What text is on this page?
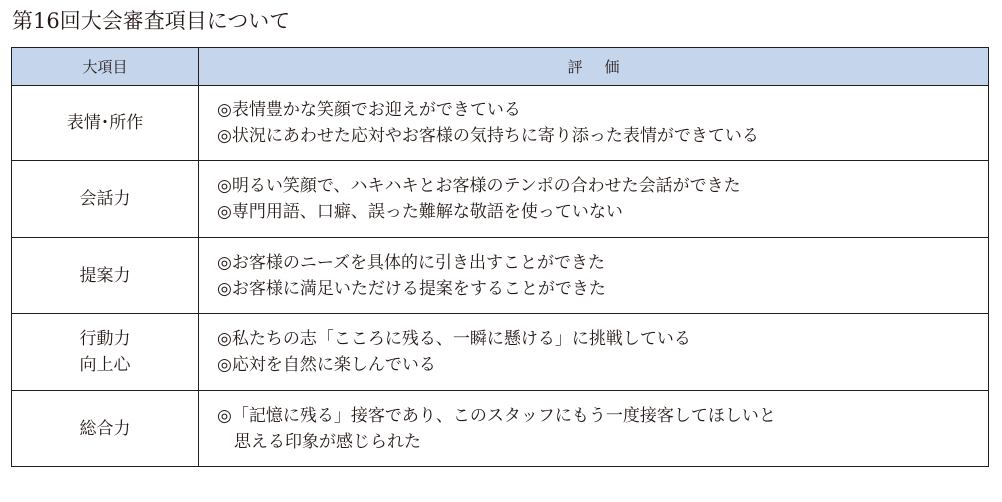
第16回大会審査項目について
大項目	評価

表情･所作	◎表情豊かな笑顔でお迎えができている
◎状況にあわせた応対やお客様の気持ちに寄り添った表情ができている

会話力	◎明るい笑顔で、ハキハキとお客様のテンポの合わせた会話ができた
◎専門用語、口癖、誤った難解な敬語を使っていない

提案力	◎お客様のニーズを具体的に引き出すことができた
◎お客様に満足いただける提案をすることができた

行動力
向上心	◎私たちの志「こころに残る、一瞬に懸ける」に挑戦している
◎応対を自然に楽しんでいる

総合力	◎「記憶に残る」接客であり、このスタッフにもう一度接客してほしいと
　思える印象が感じられた
